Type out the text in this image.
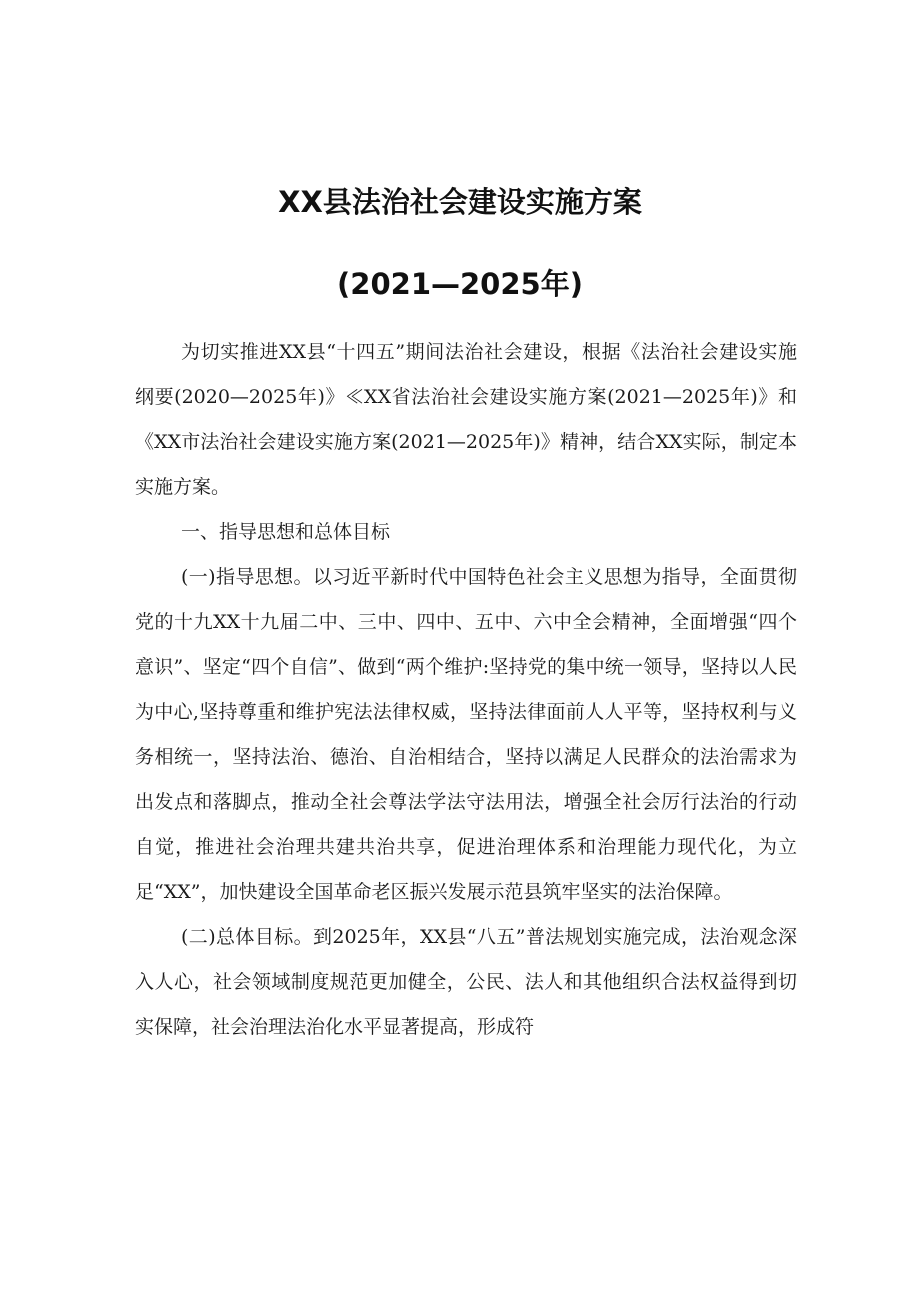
XX县法治社会建设实施方案
(2021—2025年)

为切实推进XX县“十四五”期间法治社会建设，根据《法治社会建设实施纲要(2020—2025年)》≪XX省法治社会建设实施方案(2021—2025年)》和《XX市法治社会建设实施方案(2021—2025年)》精神，结合XX实际，制定本实施方案。

一、指导思想和总体目标

(一)指导思想。以习近平新时代中国特色社会主义思想为指导，全面贯彻党的十九XX十九届二中、三中、四中、五中、六中全会精神，全面增强“四个意识”、坚定“四个自信”、做到“两个维护:坚持党的集中统一领导，坚持以人民为中心,坚持尊重和维护宪法法律权威，坚持法律面前人人平等，坚持权利与义务相统一，坚持法治、德治、自治相结合，坚持以满足人民群众的法治需求为出发点和落脚点，推动全社会尊法学法守法用法，增强全社会厉行法治的行动自觉，推进社会治理共建共治共享，促进治理体系和治理能力现代化，为立足“XX”，加快建设全国革命老区振兴发展示范县筑牢坚实的法治保障。

(二)总体目标。到2025年，XX县“八五”普法规划实施完成，法治观念深入人心，社会领域制度规范更加健全，公民、法人和其他组织合法权益得到切实保障，社会治理法治化水平显著提高，形成符
